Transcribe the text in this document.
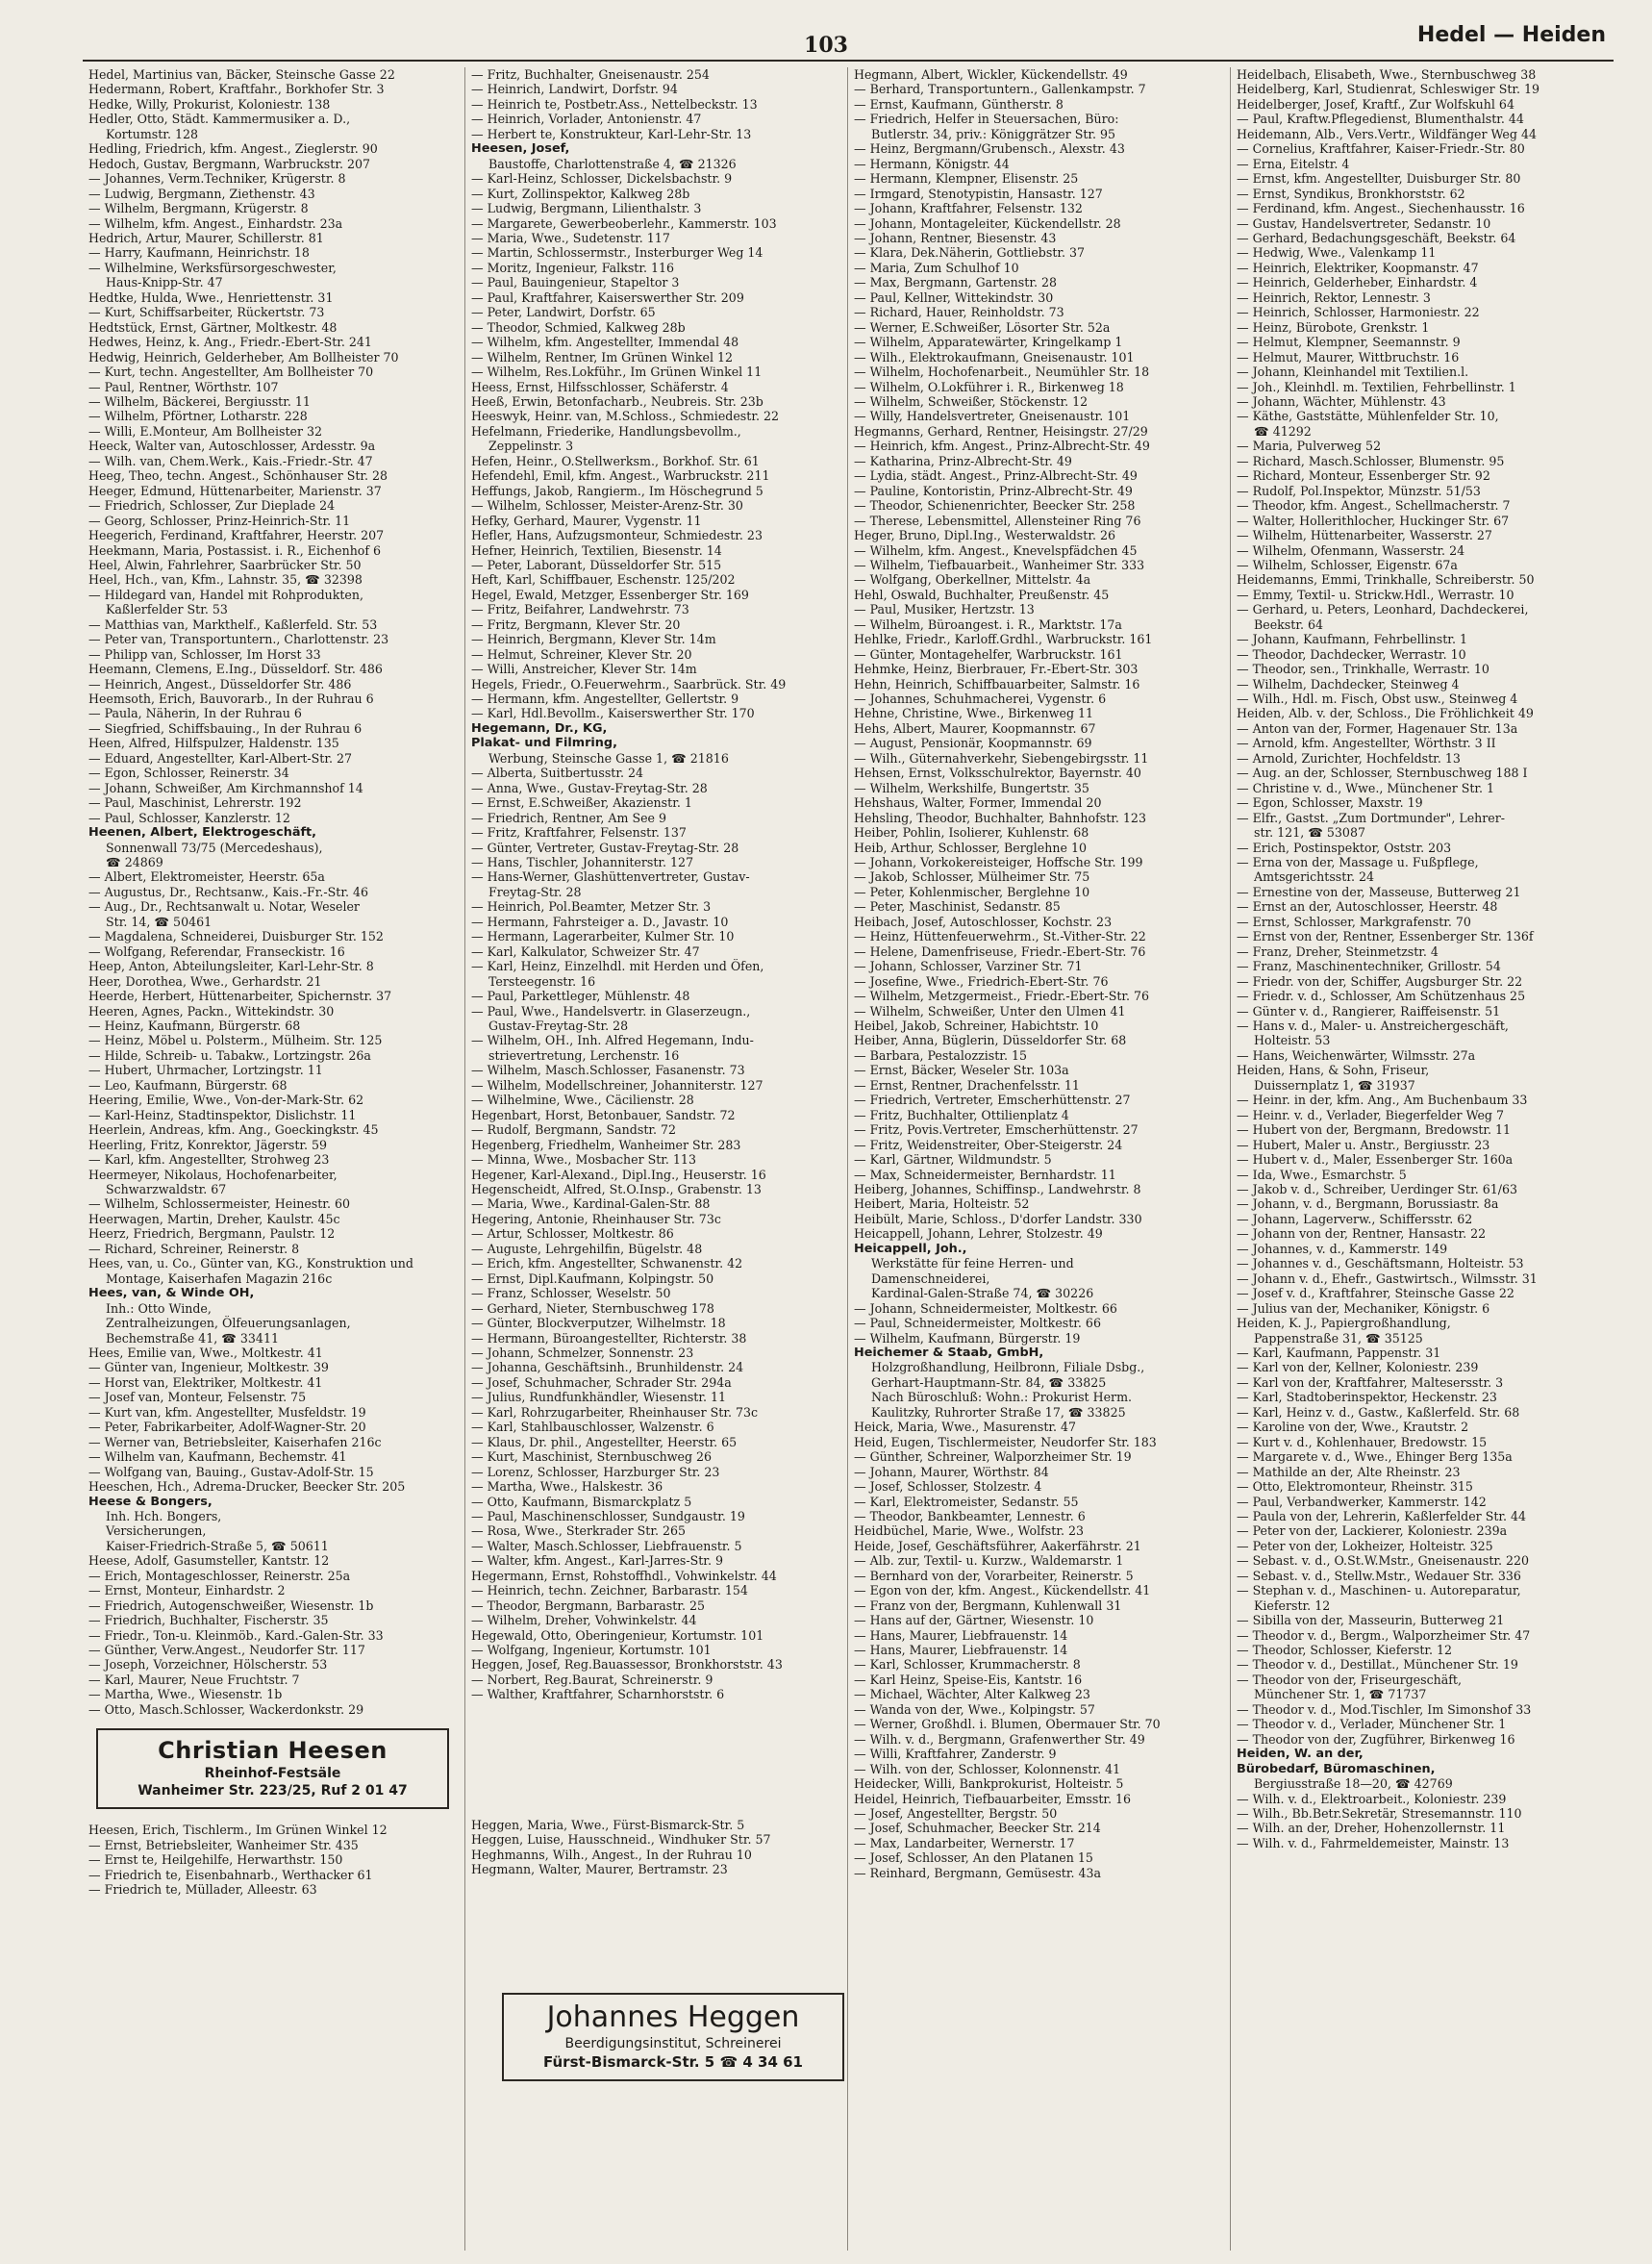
103	Hedel — Heiden
Hedel, Martinius van, Bäcker, Steinsche Gasse 22
Hedermann, Robert, Kraftfahr., Borkhofer Str. 3
Hedke, Willy, Prokurist, Koloniestr. 138
Hedler, Otto, Städt. Kammermusiker a. D.,
Kortumstr. 128
Hedling, Friedrich, kfm. Angest., Zieglerstr. 90
Hedoch, Gustav, Bergmann, Warbruckstr. 207
— Johannes, Verm.Techniker, Krügerstr. 8
— Ludwig, Bergmann, Ziethenstr. 43
— Wilhelm, Bergmann, Krügerstr. 8
— Wilhelm, kfm. Angest., Einhardstr. 23a
Hedrich, Artur, Maurer, Schillerstr. 81
— Harry, Kaufmann, Heinrichstr. 18
— Wilhelmine, Werksfürsorgeschwester,
Haus-Knipp-Str. 47
Hedtke, Hulda, Wwe., Henriettenstr. 31
— Kurt, Schiffsarbeiter, Rückertstr. 73
Hedtstück, Ernst, Gärtner, Moltkestr. 48
Hedwes, Heinz, k. Ang., Friedr.-Ebert-Str. 241
Hedwig, Heinrich, Gelderheber, Am Bollheister 70
— Kurt, techn. Angestellter, Am Bollheister 70
— Paul, Rentner, Wörthstr. 107
— Wilhelm, Bäckerei, Bergiusstr. 11
— Wilhelm, Pförtner, Lotharstr. 228
— Willi, E.Monteur, Am Bollheister 32
Heeck, Walter van, Autoschlosser, Ardesstr. 9a
— Wilh. van, Chem.Werk., Kais.-Friedr.-Str. 47
Heeg, Theo, techn. Angest., Schönhauser Str. 28
Heeger, Edmund, Hüttenarbeiter, Marienstr. 37
— Friedrich, Schlosser, Zur Dieplade 24
— Georg, Schlosser, Prinz-Heinrich-Str. 11
Heegerich, Ferdinand, Kraftfahrer, Heerstr. 207
Heekmann, Maria, Postassist. i. R., Eichenhof 6
Heel, Alwin, Fahrlehrer, Saarbrücker Str. 50
Heel, Hch., van, Kfm., Lahnstr. 35, ☎ 32398
— Hildegard van, Handel mit Rohprodukten,
Kaßlerfelder Str. 53
— Matthias van, Markthelf., Kaßlerfeld. Str. 53
— Peter van, Transportuntern., Charlottenstr. 23
— Philipp van, Schlosser, Im Horst 33
Heemann, Clemens, E.Ing., Düsseldorf. Str. 486
— Heinrich, Angest., Düsseldorfer Str. 486
Heemsoth, Erich, Bauvorarb., In der Ruhrau 6
— Paula, Näherin, In der Ruhrau 6
— Siegfried, Schiffsbauing., In der Ruhrau 6
Heen, Alfred, Hilfspulzer, Haldenstr. 135
— Eduard, Angestellter, Karl-Albert-Str. 27
— Egon, Schlosser, Reinerstr. 34
— Johann, Schweißer, Am Kirchmannshof 14
— Paul, Maschinist, Lehrerstr. 192
— Paul, Schlosser, Kanzlerstr. 12
Heenen, Albert, Elektrogeschäft,
Sonnenwall 73/75 (Mercedeshaus),
☎ 24869
— Albert, Elektromeister, Heerstr. 65a
— Augustus, Dr., Rechtsanw., Kais.-Fr.-Str. 46
— Aug., Dr., Rechtsanwalt u. Notar, Weseler
Str. 14, ☎ 50461
— Magdalena, Schneiderei, Duisburger Str. 152
— Wolfgang, Referendar, Franseckistr. 16
Heep, Anton, Abteilungsleiter, Karl-Lehr-Str. 8
Heer, Dorothea, Wwe., Gerhardstr. 21
Heerde, Herbert, Hüttenarbeiter, Spichernstr. 37
Heeren, Agnes, Packn., Wittekindstr. 30
— Heinz, Kaufmann, Bürgerstr. 68
— Heinz, Möbel u. Polsterm., Mülheim. Str. 125
— Hilde, Schreib- u. Tabakw., Lortzingstr. 26a
— Hubert, Uhrmacher, Lortzingstr. 11
— Leo, Kaufmann, Bürgerstr. 68
Heering, Emilie, Wwe., Von-der-Mark-Str. 62
— Karl-Heinz, Stadtinspektor, Dislichstr. 11
Heerlein, Andreas, kfm. Ang., Goeckingkstr. 45
Heerling, Fritz, Konrektor, Jägerstr. 59
— Karl, kfm. Angestellter, Strohweg 23
Heermeyer, Nikolaus, Hochofenarbeiter,
Schwarzwaldstr. 67
— Wilhelm, Schlossermeister, Heinestr. 60
Heerwagen, Martin, Dreher, Kaulstr. 45c
Heerz, Friedrich, Bergmann, Paulstr. 12
— Richard, Schreiner, Reinerstr. 8
Hees, van, u. Co., Günter van, KG., Konstruktion und
Montage, Kaiserhafen Magazin 216c
Hees, van, & Winde OH,
Inh.: Otto Winde,
Zentralheizungen, Ölfeuerungsanlagen,
Bechemstraße 41, ☎ 33411
Hees, Emilie van, Wwe., Moltkestr. 41
— Günter van, Ingenieur, Moltkestr. 39
— Horst van, Elektriker, Moltkestr. 41
— Josef van, Monteur, Felsenstr. 75
— Kurt van, kfm. Angestellter, Musfeldstr. 19
— Peter, Fabrikarbeiter, Adolf-Wagner-Str. 20
— Werner van, Betriebsleiter, Kaiserhafen 216c
— Wilhelm van, Kaufmann, Bechemstr. 41
— Wolfgang van, Bauing., Gustav-Adolf-Str. 15
Heeschen, Hch., Adrema-Drucker, Beecker Str. 205
Heese & Bongers,
Inh. Hch. Bongers,
Versicherungen,
Kaiser-Friedrich-Straße 5, ☎ 50611
Heese, Adolf, Gasumsteller, Kantstr. 12
— Erich, Montageschlosser, Reinerstr. 25a
— Ernst, Monteur, Einhardstr. 2
— Friedrich, Autogenschweißer, Wiesenstr. 1b
— Friedrich, Buchhalter, Fischerstr. 35
— Friedr., Ton-u. Kleinmöb., Kard.-Galen-Str. 33
— Günther, Verw.Angest., Neudorfer Str. 117
— Joseph, Vorzeichner, Hölscherstr. 53
— Karl, Maurer, Neue Fruchtstr. 7
— Martha, Wwe., Wiesenstr. 1b
— Otto, Masch.Schlosser, Wackerdonkstr. 29
Christian Heesen
Rheinhof-Festsäle
Wanheimer Str. 223/25, Ruf 2 01 47
Heesen, Erich, Tischlerm., Im Grünen Winkel 12
— Ernst, Betriebsleiter, Wanheimer Str. 435
— Ernst te, Heilgehilfe, Herwarthstr. 150
— Friedrich te, Eisenbahnarb., Werthacker 61
— Friedrich te, Müllader, Alleestr. 63
— Fritz, Buchhalter, Gneisenaustr. 254
— Heinrich, Landwirt, Dorfstr. 94
— Heinrich te, Postbetr.Ass., Nettelbeckstr. 13
— Heinrich, Vorlader, Antonienstr. 47
— Herbert te, Konstrukteur, Karl-Lehr-Str. 13
Heesen, Josef,
Baustoffe, Charlottenstraße 4, ☎ 21326
— Karl-Heinz, Schlosser, Dickelsbachstr. 9
— Kurt, Zollinspektor, Kalkweg 28b
— Ludwig, Bergmann, Lilienthalstr. 3
— Margarete, Gewerbeoberlehr., Kammerstr. 103
— Maria, Wwe., Sudetenstr. 117
— Martin, Schlossermstr., Insterburger Weg 14
— Moritz, Ingenieur, Falkstr. 116
— Paul, Bauingenieur, Stapeltor 3
— Paul, Kraftfahrer, Kaiserswerther Str. 209
— Peter, Landwirt, Dorfstr. 65
— Theodor, Schmied, Kalkweg 28b
— Wilhelm, kfm. Angestellter, Immendal 48
— Wilhelm, Rentner, Im Grünen Winkel 12
— Wilhelm, Res.Lokführ., Im Grünen Winkel 11
Heess, Ernst, Hilfsschlosser, Schäferstr. 4
Heeß, Erwin, Betonfacharb., Neubreis. Str. 23b
Heeswyk, Heinr. van, M.Schloss., Schmiedestr. 22
Hefelmann, Friederike, Handlungsbevollm.,
Zeppelinstr. 3
Hefen, Heinr., O.Stellwerksm., Borkhof. Str. 61
Hefendehl, Emil, kfm. Angest., Warbruckstr. 211
Heffungs, Jakob, Rangierm., Im Höschegrund 5
— Wilhelm, Schlosser, Meister-Arenz-Str. 30
Hefky, Gerhard, Maurer, Vygenstr. 11
Hefler, Hans, Aufzugsmonteur, Schmiedestr. 23
Hefner, Heinrich, Textilien, Biesenstr. 14
— Peter, Laborant, Düsseldorfer Str. 515
Heft, Karl, Schiffbauer, Eschenstr. 125/202
Hegel, Ewald, Metzger, Essenberger Str. 169
— Fritz, Beifahrer, Landwehrstr. 73
— Fritz, Bergmann, Klever Str. 20
— Heinrich, Bergmann, Klever Str. 14m
— Helmut, Schreiner, Klever Str. 20
— Willi, Anstreicher, Klever Str. 14m
Hegels, Friedr., O.Feuerwehrm., Saarbrück. Str. 49
— Hermann, kfm. Angestellter, Gellertstr. 9
— Karl, Hdl.Bevollm., Kaiserswerther Str. 170
Hegemann, Dr., KG,
Plakat- und Filmring,
Werbung, Steinsche Gasse 1, ☎ 21816
— Alberta, Suitbertusstr. 24
— Anna, Wwe., Gustav-Freytag-Str. 28
— Ernst, E.Schweißer, Akazienstr. 1
— Friedrich, Rentner, Am See 9
— Fritz, Kraftfahrer, Felsenstr. 137
— Günter, Vertreter, Gustav-Freytag-Str. 28
— Hans, Tischler, Johanniterstr. 127
— Hans-Werner, Glashüttenvertreter, Gustav-
Freytag-Str. 28
— Heinrich, Pol.Beamter, Metzer Str. 3
— Hermann, Fahrsteiger a. D., Javastr. 10
— Hermann, Lagerarbeiter, Kulmer Str. 10
— Karl, Kalkulator, Schweizer Str. 47
— Karl, Heinz, Einzelhdl. mit Herden und Öfen,
Tersteegenstr. 16
— Paul, Parkettleger, Mühlenstr. 48
— Paul, Wwe., Handelsvertr. in Glaserzeugn.,
Gustav-Freytag-Str. 28
— Wilhelm, OH., Inh. Alfred Hegemann, Indu-
strievertretung, Lerchenstr. 16
— Wilhelm, Masch.Schlosser, Fasanenstr. 73
— Wilhelm, Modellschreiner, Johanniterstr. 127
— Wilhelmine, Wwe., Cäcilienstr. 28
Hegenbart, Horst, Betonbauer, Sandstr. 72
— Rudolf, Bergmann, Sandstr. 72
Hegenberg, Friedhelm, Wanheimer Str. 283
— Minna, Wwe., Mosbacher Str. 113
Hegener, Karl-Alexand., Dipl.Ing., Heuserstr. 16
Hegenscheidt, Alfred, St.O.Insp., Grabenstr. 13
— Maria, Wwe., Kardinal-Galen-Str. 88
Hegering, Antonie, Rheinhauser Str. 73c
— Artur, Schlosser, Moltkestr. 86
— Auguste, Lehrgehilfin, Bügelstr. 48
— Erich, kfm. Angestellter, Schwanenstr. 42
— Ernst, Dipl.Kaufmann, Kolpingstr. 50
— Franz, Schlosser, Weselstr. 50
— Gerhard, Nieter, Sternbuschweg 178
— Günter, Blockverputzer, Wilhelmstr. 18
— Hermann, Büroangestellter, Richterstr. 38
— Johann, Schmelzer, Sonnenstr. 23
— Johanna, Geschäftsinh., Brunhildenstr. 24
— Josef, Schuhmacher, Schrader Str. 294a
— Julius, Rundfunkhändler, Wiesenstr. 11
— Karl, Rohrzugarbeiter, Rheinhauser Str. 73c
— Karl, Stahlbauschlosser, Walzenstr. 6
— Klaus, Dr. phil., Angestellter, Heerstr. 65
— Kurt, Maschinist, Sternbuschweg 26
— Lorenz, Schlosser, Harzburger Str. 23
— Martha, Wwe., Halskestr. 36
— Otto, Kaufmann, Bismarckplatz 5
— Paul, Maschinenschlosser, Sundgaustr. 19
— Rosa, Wwe., Sterkrader Str. 265
— Walter, Masch.Schlosser, Liebfrauenstr. 5
— Walter, kfm. Angest., Karl-Jarres-Str. 9
Hegermann, Ernst, Rohstoffhdl., Vohwinkelstr. 44
— Heinrich, techn. Zeichner, Barbarastr. 154
— Theodor, Bergmann, Barbarastr. 25
— Wilhelm, Dreher, Vohwinkelstr. 44
Hegewald, Otto, Oberingenieur, Kortumstr. 101
— Wolfgang, Ingenieur, Kortumstr. 101
Heggen, Josef, Reg.Bauassessor, Bronkhorststr. 43
— Norbert, Reg.Baurat, Schreinerstr. 9
— Walther, Kraftfahrer, Scharnhorststr. 6
Heggen, Maria, Wwe., Fürst-Bismarck-Str. 5
Heggen, Luise, Hausschneid., Windhuker Str. 57
Heghmanns, Wilh., Angest., In der Ruhrau 10
Hegmann, Walter, Maurer, Bertramstr. 23
Hegmann, Albert, Wickler, Kückendellstr. 49
— Berhard, Transportuntern., Gallenkampstr. 7
— Ernst, Kaufmann, Güntherstr. 8
— Friedrich, Helfer in Steuersachen, Büro:
Butlerstr. 34, priv.: Königgrätzer Str. 95
— Heinz, Bergmann/Grubensch., Alexstr. 43
— Hermann, Königstr. 44
— Hermann, Klempner, Elisenstr. 25
— Irmgard, Stenotypistin, Hansastr. 127
— Johann, Kraftfahrer, Felsenstr. 132
— Johann, Montageleiter, Kückendellstr. 28
— Johann, Rentner, Biesenstr. 43
— Klara, Dek.Näherin, Gottliebstr. 37
— Maria, Zum Schulhof 10
— Max, Bergmann, Gartenstr. 28
— Paul, Kellner, Wittekindstr. 30
— Richard, Hauer, Reinholdstr. 73
— Werner, E.Schweißer, Lösorter Str. 52a
— Wilhelm, Apparatewärter, Kringelkamp 1
— Wilh., Elektrokaufmann, Gneisenaustr. 101
— Wilhelm, Hochofenarbeit., Neumühler Str. 18
— Wilhelm, O.Lokführer i. R., Birkenweg 18
— Wilhelm, Schweißer, Stöckenstr. 12
— Willy, Handelsvertreter, Gneisenaustr. 101
Hegmanns, Gerhard, Rentner, Heisingstr. 27/29
— Heinrich, kfm. Angest., Prinz-Albrecht-Str. 49
— Katharina, Prinz-Albrecht-Str. 49
— Lydia, städt. Angest., Prinz-Albrecht-Str. 49
— Pauline, Kontoristin, Prinz-Albrecht-Str. 49
— Theodor, Schienenrichter, Beecker Str. 258
— Therese, Lebensmittel, Allensteiner Ring 76
Heger, Bruno, Dipl.Ing., Westerwaldstr. 26
— Wilhelm, kfm. Angest., Knevelspfädchen 45
— Wilhelm, Tiefbauarbeit., Wanheimer Str. 333
— Wolfgang, Oberkellner, Mittelstr. 4a
Hehl, Oswald, Buchhalter, Preußenstr. 45
— Paul, Musiker, Hertzstr. 13
— Wilhelm, Büroangest. i. R., Marktstr. 17a
Hehlke, Friedr., Karloff.Grdhl., Warbruckstr. 161
— Günter, Montagehelfer, Warbruckstr. 161
Hehmke, Heinz, Bierbrauer, Fr.-Ebert-Str. 303
Hehn, Heinrich, Schiffbauarbeiter, Salmstr. 16
— Johannes, Schuhmacherei, Vygenstr. 6
Hehne, Christine, Wwe., Birkenweg 11
Hehs, Albert, Maurer, Koopmannstr. 67
— August, Pensionär, Koopmannstr. 69
— Wilh., Güternahverkehr, Siebengebirgsstr. 11
Hehsen, Ernst, Volksschulrektor, Bayernstr. 40
— Wilhelm, Werkshilfe, Bungertstr. 35
Hehshaus, Walter, Former, Immendal 20
Hehsling, Theodor, Buchhalter, Bahnhofstr. 123
Heiber, Pohlin, Isolierer, Kuhlenstr. 68
Heib, Arthur, Schlosser, Berglehne 10
— Johann, Vorkokereisteiger, Hoffsche Str. 199
— Jakob, Schlosser, Mülheimer Str. 75
— Peter, Kohlenmischer, Berglehne 10
— Peter, Maschinist, Sedanstr. 85
Heibach, Josef, Autoschlosser, Kochstr. 23
— Heinz, Hüttenfeuerwehrm., St.-Vither-Str. 22
— Helene, Damenfriseuse, Friedr.-Ebert-Str. 76
— Johann, Schlosser, Varziner Str. 71
— Josefine, Wwe., Friedrich-Ebert-Str. 76
— Wilhelm, Metzgermeist., Friedr.-Ebert-Str. 76
— Wilhelm, Schweißer, Unter den Ulmen 41
Heibel, Jakob, Schreiner, Habichtstr. 10
Heiber, Anna, Büglerin, Düsseldorfer Str. 68
— Barbara, Pestalozzistr. 15
— Ernst, Bäcker, Weseler Str. 103a
— Ernst, Rentner, Drachenfelsstr. 11
— Friedrich, Vertreter, Emscherhüttenstr. 27
— Fritz, Buchhalter, Ottilienplatz 4
— Fritz, Povis.Vertreter, Emscherhüttenstr. 27
— Fritz, Weidenstreiter, Ober-Steigerstr. 24
— Karl, Gärtner, Wildmundstr. 5
— Max, Schneidermeister, Bernhardstr. 11
Heiberg, Johannes, Schiffinsp., Landwehrstr. 8
Heibert, Maria, Holteistr. 52
Heibült, Marie, Schloss., D'dorfer Landstr. 330
Heicappell, Johann, Lehrer, Stolzestr. 49
Heicappell, Joh.,
Werkstätte für feine Herren- und
Damenschneiderei,
Kardinal-Galen-Straße 74, ☎ 30226
— Johann, Schneidermeister, Moltkestr. 66
— Paul, Schneidermeister, Moltkestr. 66
— Wilhelm, Kaufmann, Bürgerstr. 19
Heichemer & Staab, GmbH,
Holzgroßhandlung, Heilbronn, Filiale Dsbg.,
Gerhart-Hauptmann-Str. 84, ☎ 33825
Nach Büroschluß: Wohn.: Prokurist Herm.
Kaulitzky, Ruhrorter Straße 17, ☎ 33825
Heick, Maria, Wwe., Masurenstr. 47
Heid, Eugen, Tischlermeister, Neudorfer Str. 183
— Günther, Schreiner, Walporzheimer Str. 19
— Johann, Maurer, Wörthstr. 84
— Josef, Schlosser, Stolzestr. 4
— Karl, Elektromeister, Sedanstr. 55
— Theodor, Bankbeamter, Lennestr. 6
Heidbüchel, Marie, Wwe., Wolfstr. 23
Heide, Josef, Geschäftsführer, Aakerfährstr. 21
— Alb. zur, Textil- u. Kurzw., Waldemarstr. 1
— Bernhard von der, Vorarbeiter, Reinerstr. 5
— Egon von der, kfm. Angest., Kückendellstr. 41
— Franz von der, Bergmann, Kuhlenwall 31
— Hans auf der, Gärtner, Wiesenstr. 10
— Hans, Maurer, Liebfrauenstr. 14
— Hans, Maurer, Liebfrauenstr. 14
— Karl, Schlosser, Krummacherstr. 8
— Karl Heinz, Speise-Eis, Kantstr. 16
— Michael, Wächter, Alter Kalkweg 23
— Wanda von der, Wwe., Kolpingstr. 57
— Werner, Großhdl. i. Blumen, Obermauer Str. 70
— Wilh. v. d., Bergmann, Grafenwerther Str. 49
— Willi, Kraftfahrer, Zanderstr. 9
— Wilh. von der, Schlosser, Kolonnenstr. 41
Heidecker, Willi, Bankprokurist, Holteistr. 5
Heidel, Heinrich, Tiefbauarbeiter, Emsstr. 16
— Josef, Angestellter, Bergstr. 50
— Josef, Schuhmacher, Beecker Str. 214
— Max, Landarbeiter, Wernerstr. 17
— Josef, Schlosser, An den Platanen 15
— Reinhard, Bergmann, Gemüsestr. 43a
Heidelbach, Elisabeth, Wwe., Sternbuschweg 38
Heidelberg, Karl, Studienrat, Schleswiger Str. 19
Heidelberger, Josef, Kraftf., Zur Wolfskuhl 64
— Paul, Kraftw.Pflegedienst, Blumenthalstr. 44
Heidemann, Alb., Vers.Vertr., Wildfänger Weg 44
— Cornelius, Kraftfahrer, Kaiser-Friedr.-Str. 80
— Erna, Eitelstr. 4
— Ernst, kfm. Angestellter, Duisburger Str. 80
— Ernst, Syndikus, Bronkhorststr. 62
— Ferdinand, kfm. Angest., Siechenhausstr. 16
— Gustav, Handelsvertreter, Sedanstr. 10
— Gerhard, Bedachungsgeschäft, Beekstr. 64
— Hedwig, Wwe., Valenkamp 11
— Heinrich, Elektriker, Koopmanstr. 47
— Heinrich, Gelderheber, Einhardstr. 4
— Heinrich, Rektor, Lennestr. 3
— Heinrich, Schlosser, Harmoniestr. 22
— Heinz, Bürobote, Grenkstr. 1
— Helmut, Klempner, Seemannstr. 9
— Helmut, Maurer, Wittbruchstr. 16
— Johann, Kleinhandel mit Textilien.l.
— Joh., Kleinhdl. m. Textilien, Fehrbellinstr. 1
— Johann, Wächter, Mühlenstr. 43
— Käthe, Gaststätte, Mühlenfelder Str. 10,
☎ 41292
— Maria, Pulverweg 52
— Richard, Masch.Schlosser, Blumenstr. 95
— Richard, Monteur, Essenberger Str. 92
— Rudolf, Pol.Inspektor, Münzstr. 51/53
— Theodor, kfm. Angest., Schellmacherstr. 7
— Walter, Hollerithlocher, Huckinger Str. 67
— Wilhelm, Hüttenarbeiter, Wasserstr. 27
— Wilhelm, Ofenmann, Wasserstr. 24
— Wilhelm, Schlosser, Eigenstr. 67a
Heidemanns, Emmi, Trinkhalle, Schreiberstr. 50
— Emmy, Textil- u. Strickw.Hdl., Werrastr. 10
— Gerhard, u. Peters, Leonhard, Dachdeckerei,
Beekstr. 64
— Johann, Kaufmann, Fehrbellinstr. 1
— Theodor, Dachdecker, Werrastr. 10
— Theodor, sen., Trinkhalle, Werrastr. 10
— Wilhelm, Dachdecker, Steinweg 4
— Wilh., Hdl. m. Fisch, Obst usw., Steinweg 4
Heiden, Alb. v. der, Schloss., Die Fröhlichkeit 49
— Anton van der, Former, Hagenauer Str. 13a
— Arnold, kfm. Angestellter, Wörthstr. 3 II
— Arnold, Zurichter, Hochfeldstr. 13
— Aug. an der, Schlosser, Sternbuschweg 188 I
— Christine v. d., Wwe., Münchener Str. 1
— Egon, Schlosser, Maxstr. 19
— Elfr., Gastst. „Zum Dortmunder", Lehrer-
str. 121, ☎ 53087
— Erich, Postinspektor, Oststr. 203
— Erna von der, Massage u. Fußpflege,
Amtsgerichtsstr. 24
— Ernestine von der, Masseuse, Butterweg 21
— Ernst an der, Autoschlosser, Heerstr. 48
— Ernst, Schlosser, Markgrafenstr. 70
— Ernst von der, Rentner, Essenberger Str. 136f
— Franz, Dreher, Steinmetzstr. 4
— Franz, Maschinentechniker, Grillostr. 54
— Friedr. von der, Schiffer, Augsburger Str. 22
— Friedr. v. d., Schlosser, Am Schützenhaus 25
— Günter v. d., Rangierer, Raiffeisenstr. 51
— Hans v. d., Maler- u. Anstreichergeschäft,
Holteistr. 53
— Hans, Weichenwärter, Wilmsstr. 27a
Heiden, Hans, & Sohn, Friseur,
Duissernplatz 1, ☎ 31937
— Heinr. in der, kfm. Ang., Am Buchenbaum 33
— Heinr. v. d., Verlader, Biegerfelder Weg 7
— Hubert von der, Bergmann, Bredowstr. 11
— Hubert, Maler u. Anstr., Bergiusstr. 23
— Hubert v. d., Maler, Essenberger Str. 160a
— Ida, Wwe., Esmarchstr. 5
— Jakob v. d., Schreiber, Uerdinger Str. 61/63
— Johann, v. d., Bergmann, Borussiastr. 8a
— Johann, Lagerverw., Schiffersstr. 62
— Johann von der, Rentner, Hansastr. 22
— Johannes, v. d., Kammerstr. 149
— Johannes v. d., Geschäftsmann, Holteistr. 53
— Johann v. d., Ehefr., Gastwirtsch., Wilmsstr. 31
— Josef v. d., Kraftfahrer, Steinsche Gasse 22
— Julius van der, Mechaniker, Königstr. 6
Heiden, K. J., Papiergroßhandlung,
Pappenstraße 31, ☎ 35125
— Karl, Kaufmann, Pappenstr. 31
— Karl von der, Kellner, Koloniestr. 239
— Karl von der, Kraftfahrer, Maltesersstr. 3
— Karl, Stadtoberinspektor, Heckenstr. 23
— Karl, Heinz v. d., Gastw., Kaßlerfeld. Str. 68
— Karoline von der, Wwe., Krautstr. 2
— Kurt v. d., Kohlenhauer, Bredowstr. 15
— Margarete v. d., Wwe., Ehinger Berg 135a
— Mathilde an der, Alte Rheinstr. 23
— Otto, Elektromonteur, Rheinstr. 315
— Paul, Verbandwerker, Kammerstr. 142
— Paula von der, Lehrerin, Kaßlerfelder Str. 44
— Peter von der, Lackierer, Koloniestr. 239a
— Peter von der, Lokheizer, Holteistr. 325
— Sebast. v. d., O.St.W.Mstr., Gneisenaustr. 220
— Sebast. v. d., Stellw.Mstr., Wedauer Str. 336
— Stephan v. d., Maschinen- u. Autoreparatur,
Kieferstr. 12
— Sibilla von der, Masseurin, Butterweg 21
— Theodor v. d., Bergm., Walporzheimer Str. 47
— Theodor, Schlosser, Kieferstr. 12
— Theodor v. d., Destillat., Münchener Str. 19
— Theodor von der, Friseurgeschäft,
Münchener Str. 1, ☎ 71737
— Theodor v. d., Mod.Tischler, Im Simonshof 33
— Theodor v. d., Verlader, Münchener Str. 1
— Theodor von der, Zugführer, Birkenweg 16
Heiden, W. an der,
Bürobedarf, Büromaschinen,
Bergiusstraße 18—20, ☎ 42769
— Wilh. v. d., Elektroarbeit., Koloniestr. 239
— Wilh., Bb.Betr.Sekretär, Stresemannstr. 110
— Wilh. an der, Dreher, Hohenzollernstr. 11
— Wilh. v. d., Fahrmeldemeister, Mainstr. 13
Johannes Heggen
Beerdigungsinstitut, Schreinerei
Fürst-Bismarck-Str. 5 ☎ 4 34 61
